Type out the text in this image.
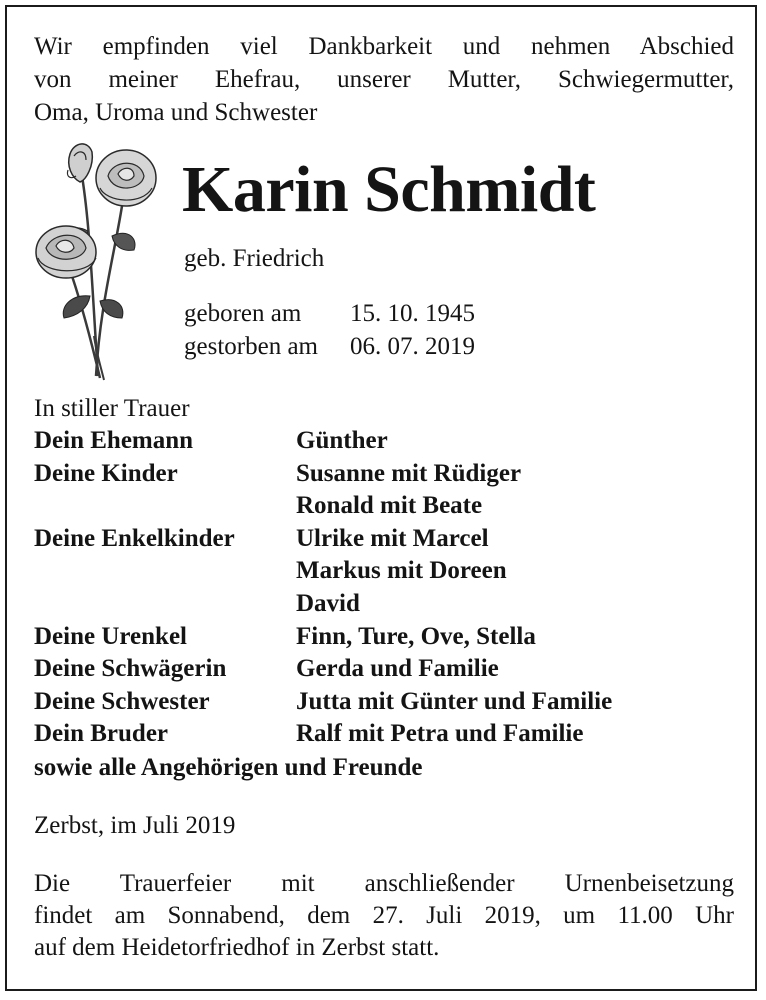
Wir empfinden viel Dankbarkeit und nehmen Abschied
von meiner Ehefrau, unserer Mutter, Schwiegermutter,
Oma, Uroma und Schwester
Karin Schmidt
geb. Friedrich
geboren am	15. 10. 1945
gestorben am	06. 07. 2019
In stiller Trauer
Dein Ehemann	Günther
Deine Kinder	Susanne mit Rüdiger
Ronald mit Beate
Deine Enkelkinder	Ulrike mit Marcel
Markus mit Doreen
David
Deine Urenkel	Finn, Ture, Ove, Stella
Deine Schwägerin	Gerda und Familie
Deine Schwester	Jutta mit Günter und Familie
Dein Bruder	Ralf mit Petra und Familie
sowie alle Angehörigen und Freunde
Zerbst, im Juli 2019
Die Trauerfeier mit anschließender Urnenbeisetzung
findet am Sonnabend, dem 27. Juli 2019, um 11.00 Uhr
auf dem Heidetorfriedhof in Zerbst statt.
